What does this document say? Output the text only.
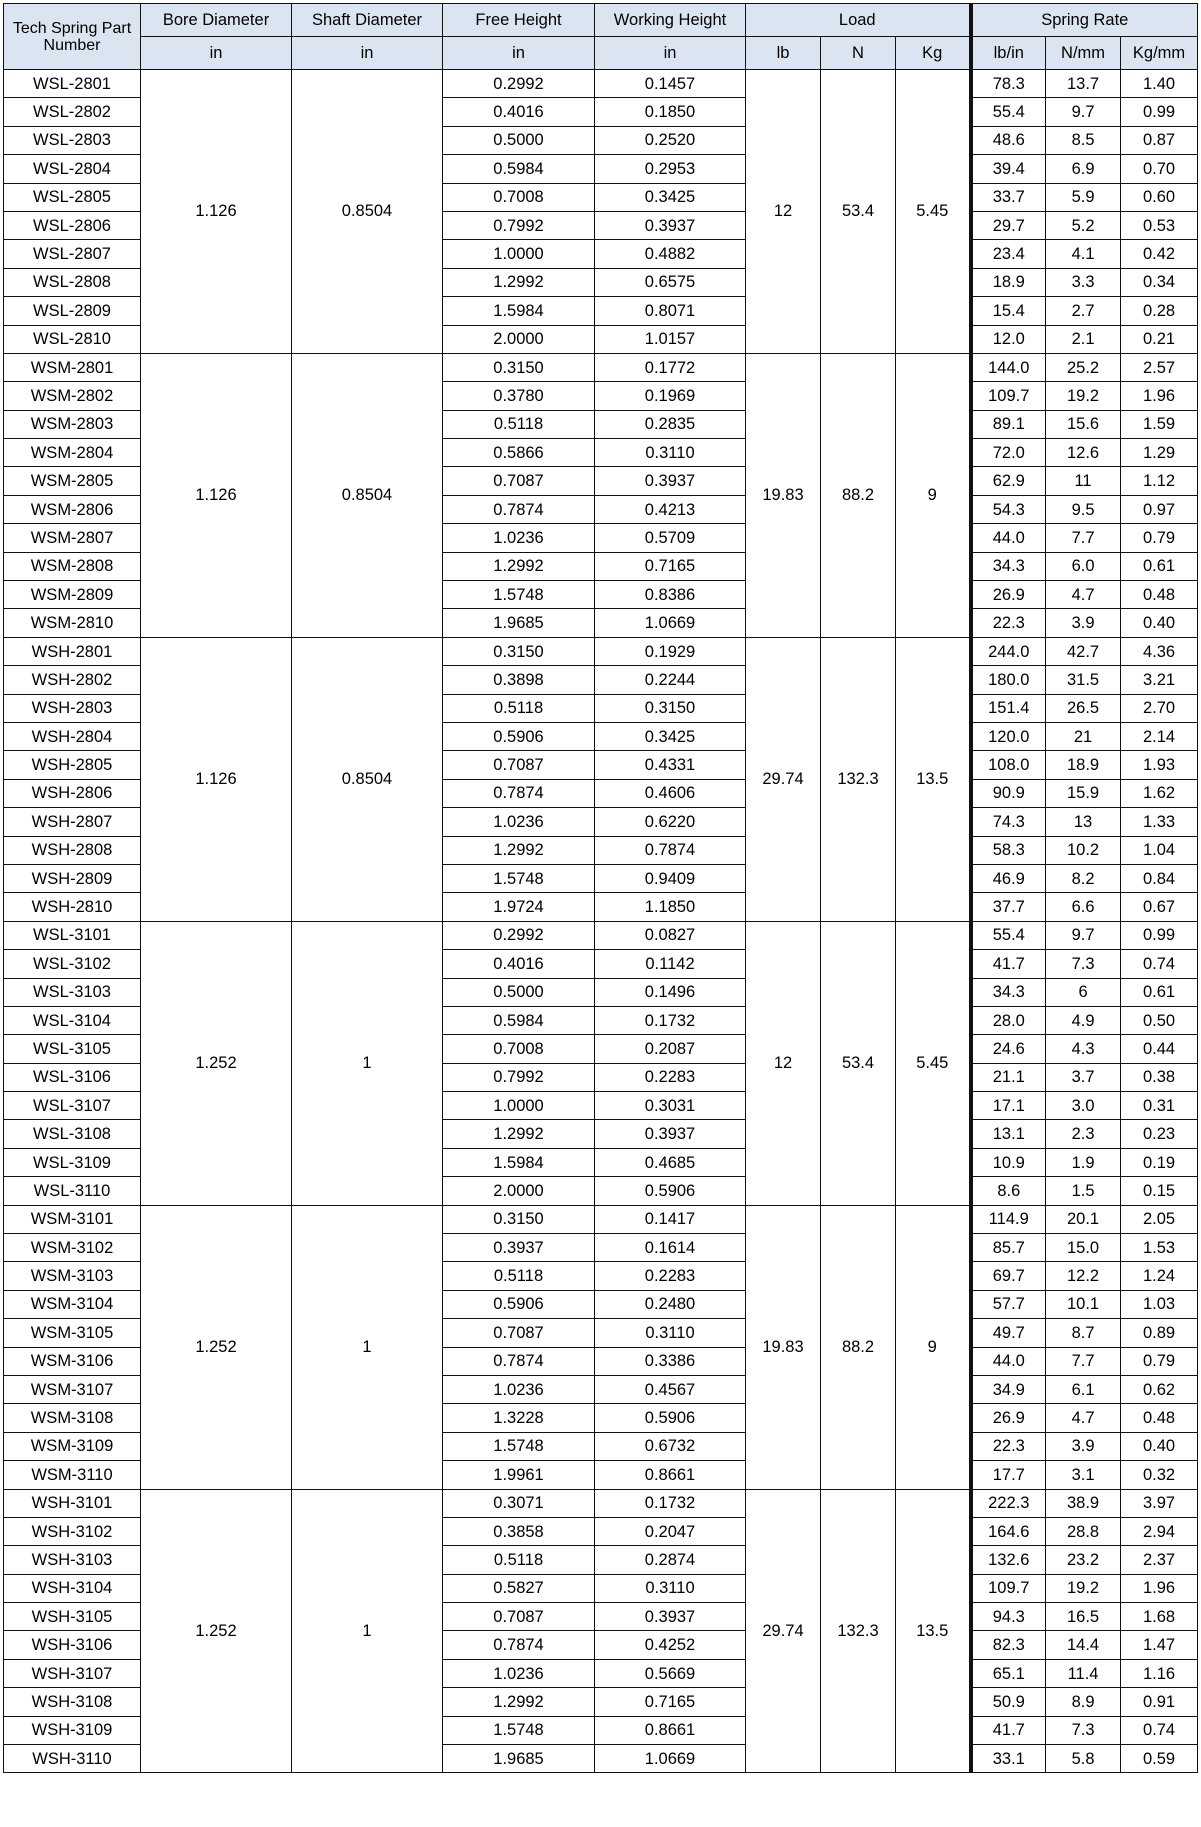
Tech Spring Part Number	Bore Diameter	Shaft Diameter	Free Height	Working Height	Load			Spring Rate		
	in	in	in	in	lb	N	Kg	lb/in	N/mm	Kg/mm
WSL-2801	1.126	0.8504	0.2992	0.1457	12	53.4	5.45	78.3	13.7	1.40
WSL-2802			0.4016	0.1850				55.4	9.7	0.99
WSL-2803			0.5000	0.2520				48.6	8.5	0.87
WSL-2804			0.5984	0.2953				39.4	6.9	0.70
WSL-2805			0.7008	0.3425				33.7	5.9	0.60
WSL-2806			0.7992	0.3937				29.7	5.2	0.53
WSL-2807			1.0000	0.4882				23.4	4.1	0.42
WSL-2808			1.2992	0.6575				18.9	3.3	0.34
WSL-2809			1.5984	0.8071				15.4	2.7	0.28
WSL-2810			2.0000	1.0157				12.0	2.1	0.21
WSM-2801	1.126	0.8504	0.3150	0.1772	19.83	88.2	9	144.0	25.2	2.57
WSM-2802			0.3780	0.1969				109.7	19.2	1.96
WSM-2803			0.5118	0.2835				89.1	15.6	1.59
WSM-2804			0.5866	0.3110				72.0	12.6	1.29
WSM-2805			0.7087	0.3937				62.9	11	1.12
WSM-2806			0.7874	0.4213				54.3	9.5	0.97
WSM-2807			1.0236	0.5709				44.0	7.7	0.79
WSM-2808			1.2992	0.7165				34.3	6.0	0.61
WSM-2809			1.5748	0.8386				26.9	4.7	0.48
WSM-2810			1.9685	1.0669				22.3	3.9	0.40
WSH-2801	1.126	0.8504	0.3150	0.1929	29.74	132.3	13.5	244.0	42.7	4.36
WSH-2802			0.3898	0.2244				180.0	31.5	3.21
WSH-2803			0.5118	0.3150				151.4	26.5	2.70
WSH-2804			0.5906	0.3425				120.0	21	2.14
WSH-2805			0.7087	0.4331				108.0	18.9	1.93
WSH-2806			0.7874	0.4606				90.9	15.9	1.62
WSH-2807			1.0236	0.6220				74.3	13	1.33
WSH-2808			1.2992	0.7874				58.3	10.2	1.04
WSH-2809			1.5748	0.9409				46.9	8.2	0.84
WSH-2810			1.9724	1.1850				37.7	6.6	0.67
WSL-3101	1.252	1	0.2992	0.0827	12	53.4	5.45	55.4	9.7	0.99
WSL-3102			0.4016	0.1142				41.7	7.3	0.74
WSL-3103			0.5000	0.1496				34.3	6	0.61
WSL-3104			0.5984	0.1732				28.0	4.9	0.50
WSL-3105			0.7008	0.2087				24.6	4.3	0.44
WSL-3106			0.7992	0.2283				21.1	3.7	0.38
WSL-3107			1.0000	0.3031				17.1	3.0	0.31
WSL-3108			1.2992	0.3937				13.1	2.3	0.23
WSL-3109			1.5984	0.4685				10.9	1.9	0.19
WSL-3110			2.0000	0.5906				8.6	1.5	0.15
WSM-3101	1.252	1	0.3150	0.1417	19.83	88.2	9	114.9	20.1	2.05
WSM-3102			0.3937	0.1614				85.7	15.0	1.53
WSM-3103			0.5118	0.2283				69.7	12.2	1.24
WSM-3104			0.5906	0.2480				57.7	10.1	1.03
WSM-3105			0.7087	0.3110				49.7	8.7	0.89
WSM-3106			0.7874	0.3386				44.0	7.7	0.79
WSM-3107			1.0236	0.4567				34.9	6.1	0.62
WSM-3108			1.3228	0.5906				26.9	4.7	0.48
WSM-3109			1.5748	0.6732				22.3	3.9	0.40
WSM-3110			1.9961	0.8661				17.7	3.1	0.32
WSH-3101	1.252	1	0.3071	0.1732	29.74	132.3	13.5	222.3	38.9	3.97
WSH-3102			0.3858	0.2047				164.6	28.8	2.94
WSH-3103			0.5118	0.2874				132.6	23.2	2.37
WSH-3104			0.5827	0.3110				109.7	19.2	1.96
WSH-3105			0.7087	0.3937				94.3	16.5	1.68
WSH-3106			0.7874	0.4252				82.3	14.4	1.47
WSH-3107			1.0236	0.5669				65.1	11.4	1.16
WSH-3108			1.2992	0.7165				50.9	8.9	0.91
WSH-3109			1.5748	0.8661				41.7	7.3	0.74
WSH-3110			1.9685	1.0669				33.1	5.8	0.59
